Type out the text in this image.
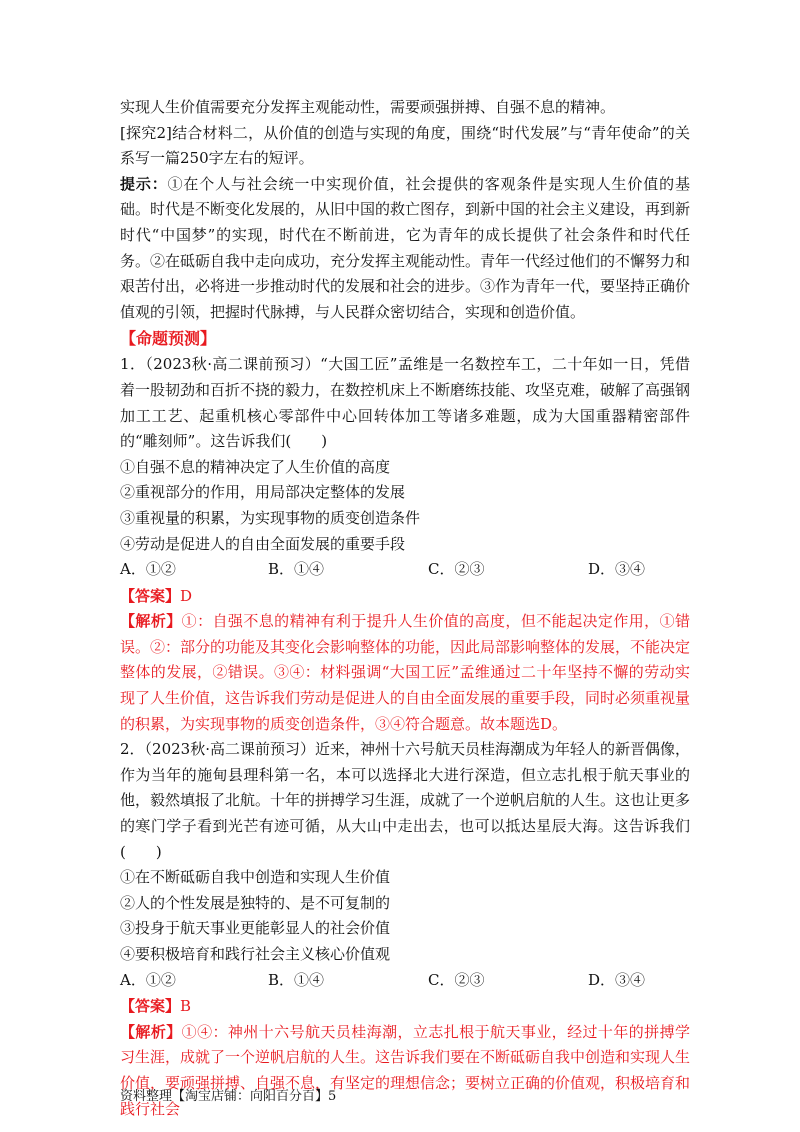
实现人生价值需要充分发挥主观能动性，需要顽强拼搏、自强不息的精神。

[探究2]结合材料二，从价值的创造与实现的角度，围绕“时代发展”与“青年使命”的关系写一篇250字左右的短评。

提示：①在个人与社会统一中实现价值，社会提供的客观条件是实现人生价值的基础。时代是不断变化发展的，从旧中国的救亡图存，到新中国的社会主义建设，再到新时代“中国梦”的实现，时代在不断前进，它为青年的成长提供了社会条件和时代任务。②在砥砺自我中走向成功，充分发挥主观能动性。青年一代经过他们的不懈努力和艰苦付出，必将进一步推动时代的发展和社会的进步。③作为青年一代，要坚持正确价值观的引领，把握时代脉搏，与人民群众密切结合，实现和创造价值。

【命题预测】

1．（2023秋·高二课前预习）“大国工匠”孟维是一名数控车工，二十年如一日，凭借着一股韧劲和百折不挠的毅力，在数控机床上不断磨练技能、攻坚克难，破解了高强钢加工工艺、起重机核心零部件中心回转体加工等诸多难题，成为大国重器精密部件的“雕刻师”。这告诉我们(　　)

①自强不息的精神决定了人生价值的高度

②重视部分的作用，用局部决定整体的发展

③重视量的积累，为实现事物的质变创造条件

④劳动是促进人的自由全面发展的重要手段

A．①②	B．①④	C．②③	D．③④

【答案】D

【解析】①：自强不息的精神有利于提升人生价值的高度，但不能起决定作用，①错误。②：部分的功能及其变化会影响整体的功能，因此局部影响整体的发展，不能决定整体的发展，②错误。③④：材料强调“大国工匠”孟维通过二十年坚持不懈的劳动实现了人生价值，这告诉我们劳动是促进人的自由全面发展的重要手段，同时必须重视量的积累，为实现事物的质变创造条件，③④符合题意。故本题选D。

2．（2023秋·高二课前预习）近来，神州十六号航天员桂海潮成为年轻人的新晋偶像，作为当年的施甸县理科第一名，本可以选择北大进行深造，但立志扎根于航天事业的他，毅然填报了北航。十年的拼搏学习生涯，成就了一个逆帆启航的人生。这也让更多的寒门学子看到光芒有迹可循，从大山中走出去，也可以抵达星辰大海。这告诉我们(　　)

①在不断砥砺自我中创造和实现人生价值

②人的个性发展是独特的、是不可复制的

③投身于航天事业更能彰显人的社会价值

④要积极培育和践行社会主义核心价值观

A．①②	B．①④	C．②③	D．③④

【答案】B

【解析】①④：神州十六号航天员桂海潮，立志扎根于航天事业，经过十年的拼搏学习生涯，成就了一个逆帆启航的人生。这告诉我们要在不断砥砺自我中创造和实现人生价值，要顽强拼搏、自强不息，有坚定的理想信念；要树立正确的价值观，积极培育和践行社会

资料整理【淘宝店铺：向阳百分百】5
